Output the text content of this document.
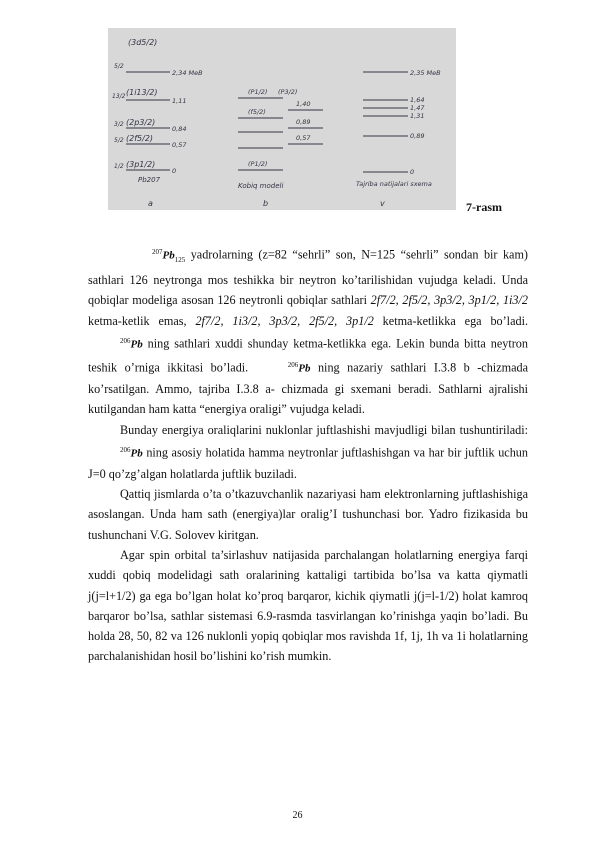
(3d5/2)
2,34 MeB
(1i13/2)
1,11
(2p3/2)
0,84
(2f5/2)
0,57
(3p1/2)
0
Pb207
5/2
13/2
3/2
5/2
1/2
(P1/2) (P3/2)
(f5/2)
1,40
0,89
0,57
(P1/2)
Kobiq modeli
2,35 MeB
1,64
1,47
1,31
0,89
0
Tajriba natijalari sxema
a	b	v	7-rasm

$^{207}Pb_{125}$ yadrolarning (z=82 “sehrli” son, N=125 “sehrli” sondan bir kam) sathlari 126 neytronga mos teshikka bir neytron ko’tarilishidan vujudga keladi. Unda qobiqlar modeliga asosan 126 neytronli qobiqlar sathlari 2f7/2, 2f5/2, 3p3/2, 3p1/2, 1i3/2 ketma-ketlik emas, 2f7/2, 1i3/2, 3p3/2, 2f5/2, 3p1/2 ketma-ketlikka ega bo’ladi. $^{206}$Pb ning sathlari xuddi shunday ketma-ketlikka ega. Lekin bunda bitta neytron teshik o’rniga ikkitasi bo’ladi.	$^{206}$Pb ning nazariy sathlari I.3.8 b -chizmada ko’rsatilgan. Ammo, tajriba I.3.8 a- chizmada gi sxemani beradi. Sathlarni ajralishi kutilgandan ham katta “energiya oraligi” vujudga keladi.

Bunday energiya oraliqlarini nuklonlar juftlashishi mavjudligi bilan tushuntiriladi: $^{206}$Pb ning asosiy holatida hamma neytronlar juftlashishgan va har bir juftlik uchun J=0 qo’zg’algan holatlarda juftlik buziladi.

Qattiq jismlarda o’ta o’tkazuvchanlik nazariyasi ham elektronlarning juftlashishiga asoslangan. Unda ham sath (energiya)lar oralig’I tushunchasi bor. Yadro fizikasida bu tushunchani V.G. Solovev kiritgan.

Agar spin orbital ta’sirlashuv natijasida parchalangan holatlarning energiya farqi xuddi qobiq modelidagi sath oralarining kattaligi tartibida bo’lsa va katta qiymatli j(j=l+1/2) ga ega bo’lgan holat ko’proq barqaror, kichik qiymatli j(j=l-1/2) holat kamroq barqaror bo’lsa, sathlar sistemasi 6.9-rasmda tasvirlangan ko’rinishga yaqin bo’ladi. Bu holda 28, 50, 82 va 126 nuklonli yopiq qobiqlar mos ravishda 1f, 1j, 1h va 1i holatlarning parchalanishidan hosil bo’lishini ko’rish mumkin.

26
